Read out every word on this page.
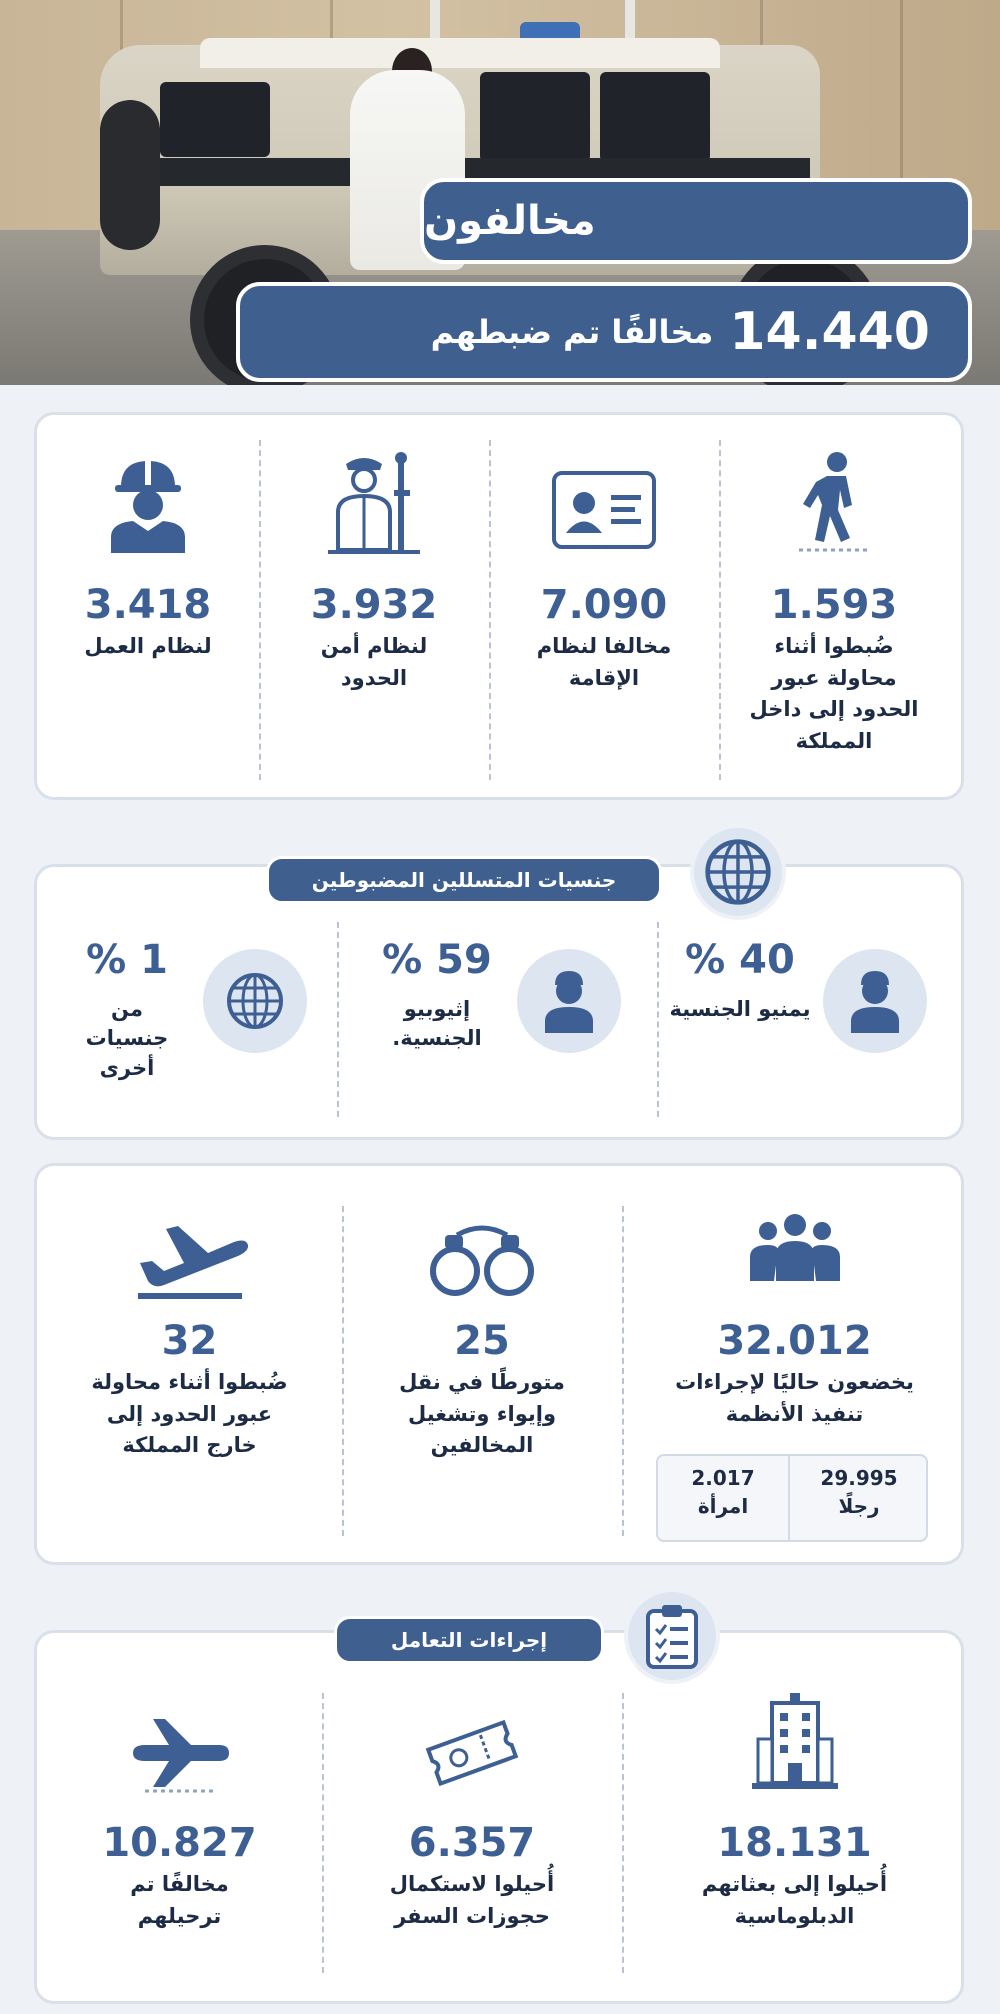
مخالفون
14.440
مخالفًا تم ضبطهم
1.593
ضُبطوا أثناء محاولة عبور الحدود إلى داخل المملكة
7.090
مخالفا لنظام الإقامة
3.932
لنظام أمن الحدود
3.418
لنظام العمل
40 %
يمنيو الجنسية
59 %
إثيوبيو الجنسية.
1 %
من جنسيات أخرى
جنسيات المتسللين المضبوطين
32.012
يخضعون حاليًا لإجراءات تنفيذ الأنظمة
29.995
رجلًا
2.017
امرأة
25
متورطًا في نقل وإيواء وتشغيل المخالفين
32
ضُبطوا أثناء محاولة عبور الحدود إلى خارج المملكة
18.131
أُحيلوا إلى بعثاتهم الدبلوماسية
6.357
أُحيلوا لاستكمال حجوزات السفر
10.827
مخالفًا تم ترحيلهم
إجراءات التعامل
